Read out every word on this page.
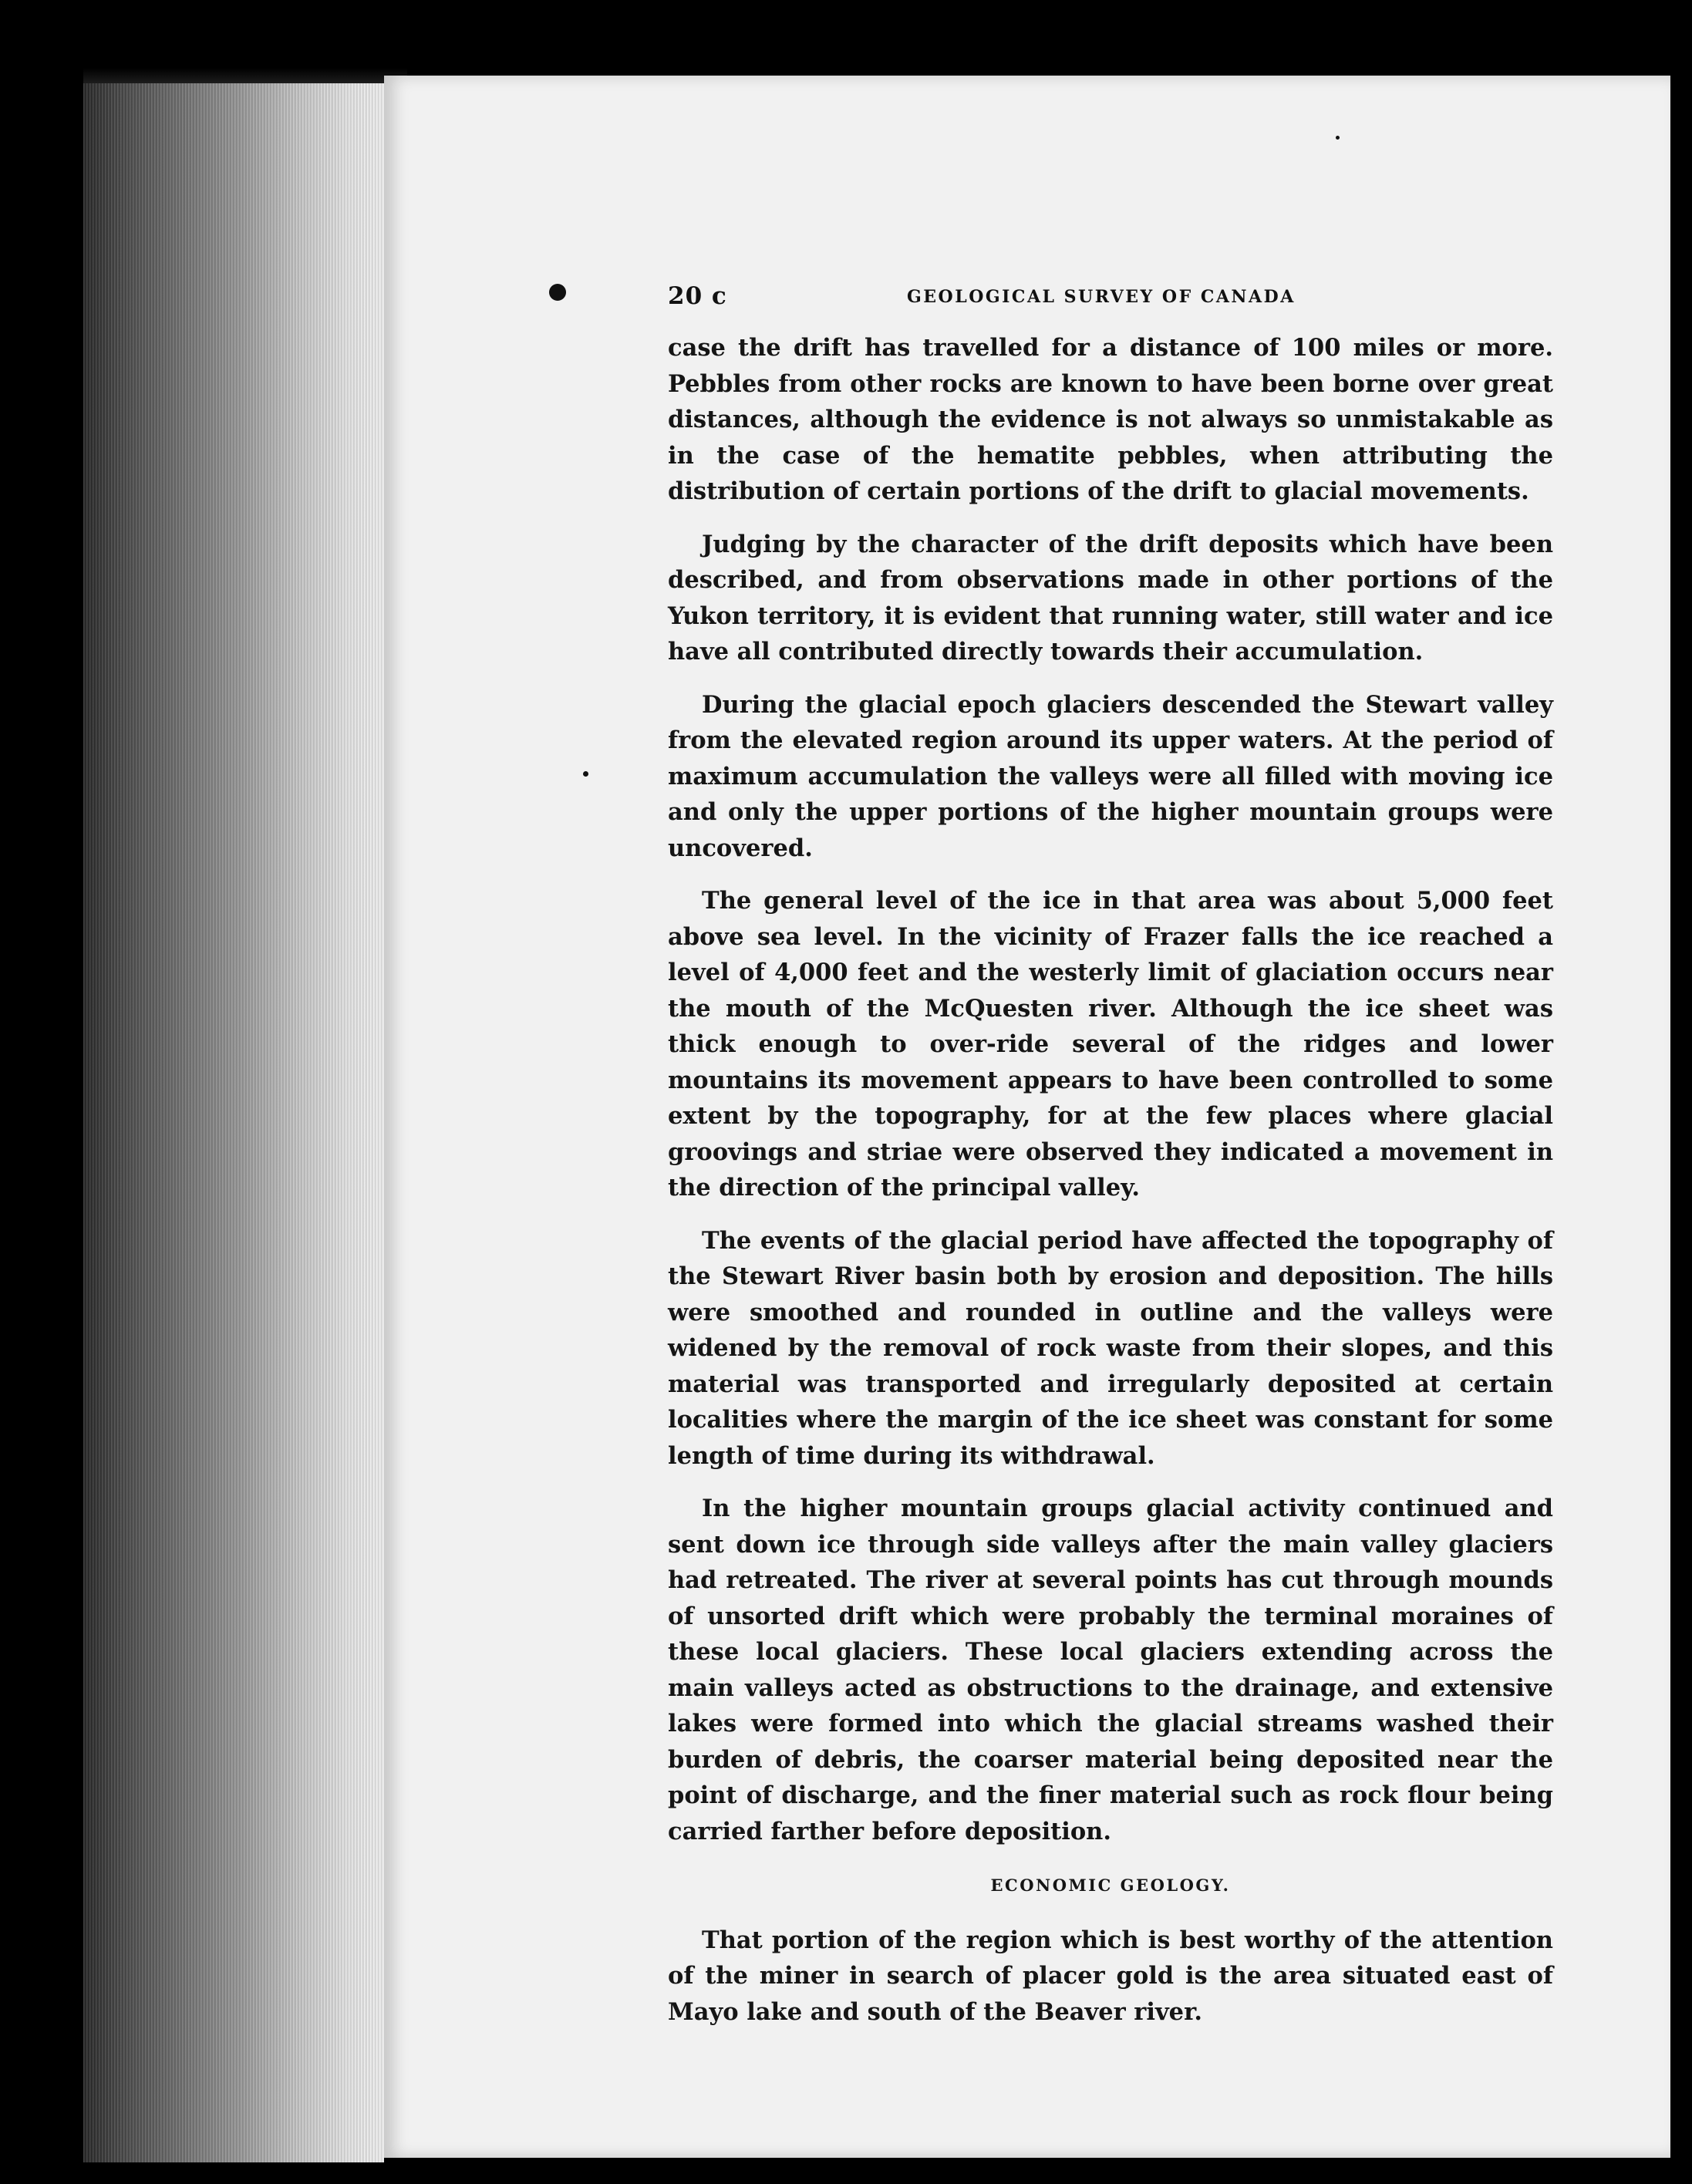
20 c	GEOLOGICAL SURVEY OF CANADA

case the drift has travelled for a distance of 100 miles or more. Pebbles from other rocks are known to have been borne over great distances, although the evidence is not always so unmistakable as in the case of the hematite pebbles, when attributing the distribution of certain portions of the drift to glacial movements.

Judging by the character of the drift deposits which have been described, and from observations made in other portions of the Yukon territory, it is evident that running water, still water and ice have all contributed directly towards their accumulation.

During the glacial epoch glaciers descended the Stewart valley from the elevated region around its upper waters. At the period of maximum accumulation the valleys were all filled with moving ice and only the upper portions of the higher mountain groups were uncovered.

The general level of the ice in that area was about 5,000 feet above sea level. In the vicinity of Frazer falls the ice reached a level of 4,000 feet and the westerly limit of glaciation occurs near the mouth of the McQuesten river. Although the ice sheet was thick enough to over-ride several of the ridges and lower mountains its movement appears to have been controlled to some extent by the topography, for at the few places where glacial groovings and striae were observed they indicated a movement in the direction of the principal valley.

The events of the glacial period have affected the topography of the Stewart River basin both by erosion and deposition. The hills were smoothed and rounded in outline and the valleys were widened by the removal of rock waste from their slopes, and this material was transported and irregularly deposited at certain localities where the margin of the ice sheet was constant for some length of time during its withdrawal.

In the higher mountain groups glacial activity continued and sent down ice through side valleys after the main valley glaciers had retreated. The river at several points has cut through mounds of unsorted drift which were probably the terminal moraines of these local glaciers. These local glaciers extending across the main valleys acted as obstructions to the drainage, and extensive lakes were formed into which the glacial streams washed their burden of debris, the coarser material being deposited near the point of discharge, and the finer material such as rock flour being carried farther before deposition.

ECONOMIC GEOLOGY.

That portion of the region which is best worthy of the attention of the miner in search of placer gold is the area situated east of Mayo lake and south of the Beaver river.
